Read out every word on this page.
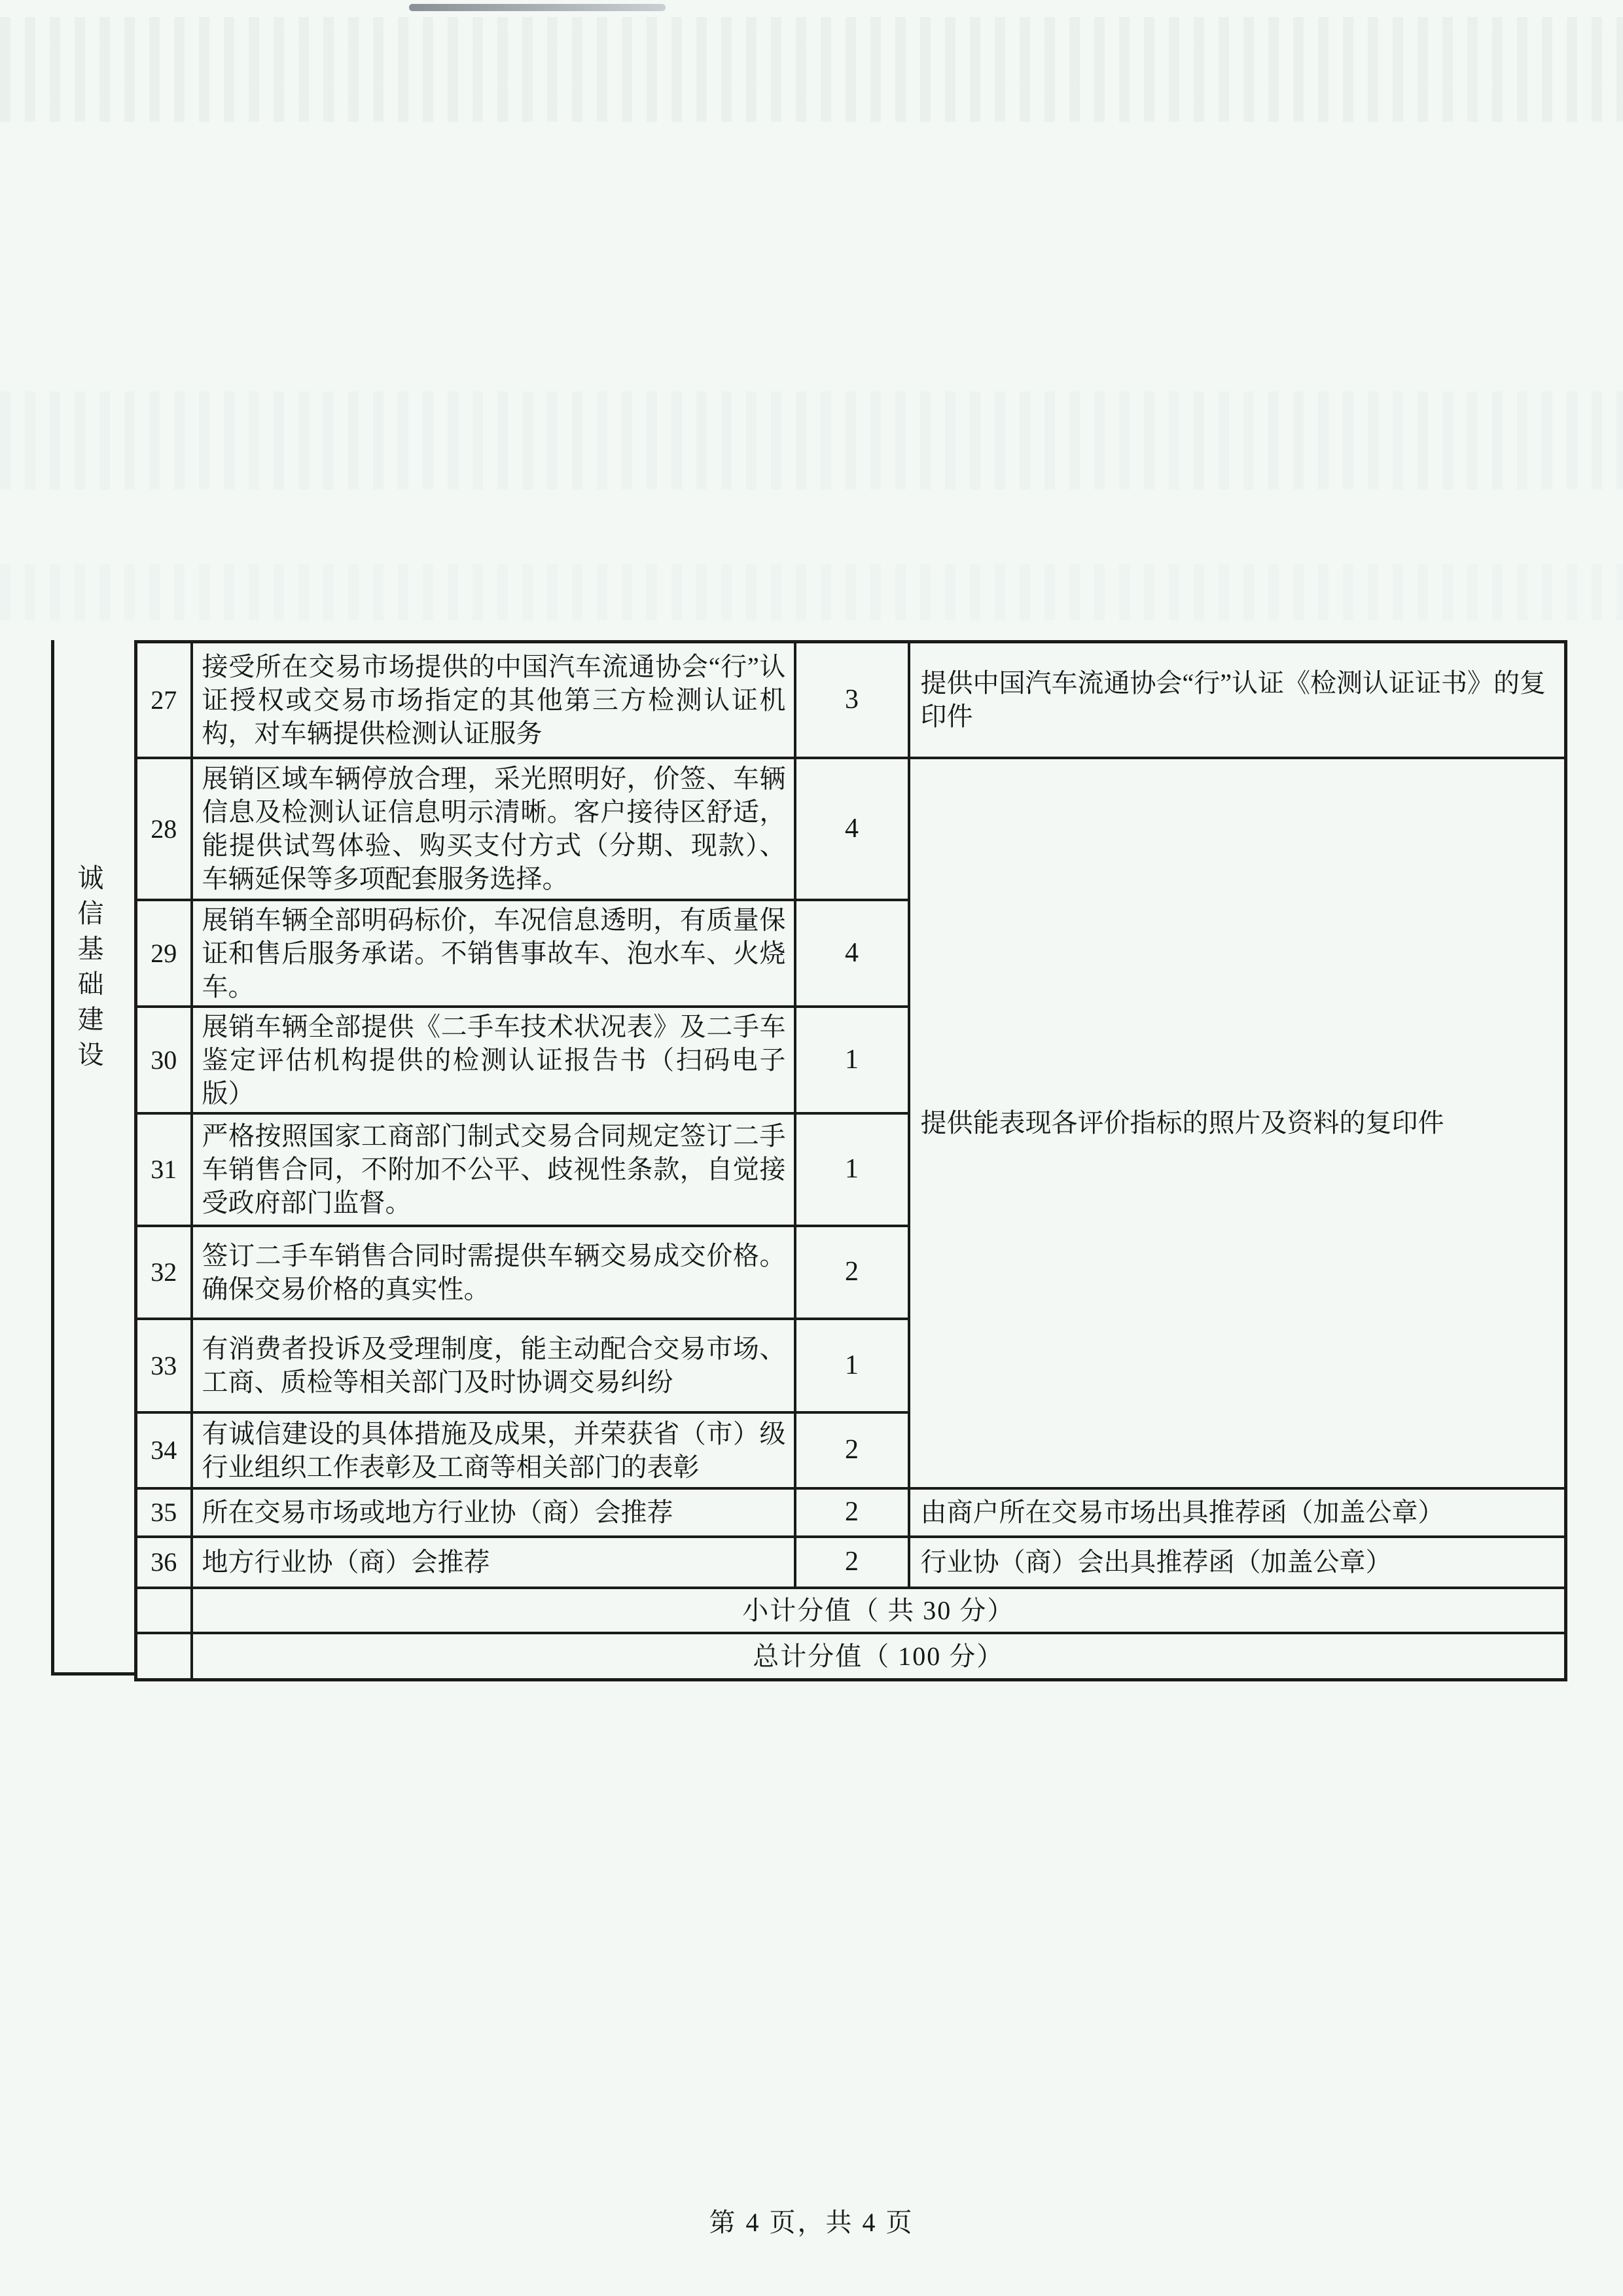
诚信基础建设
27	接受所在交易市场提供的中国汽车流通协会“行”认证授权或交易市场指定的其他第三方检测认证机构，对车辆提供检测认证服务	3	提供中国汽车流通协会“行”认证《检测认证证书》的复印件
28	展销区域车辆停放合理，采光照明好，价签、车辆信息及检测认证信息明示清晰。客户接待区舒适，能提供试驾体验、购买支付方式（分期、现款）、车辆延保等多项配套服务选择。	4	提供能表现各评价指标的照片及资料的复印件
29	展销车辆全部明码标价，车况信息透明，有质量保证和售后服务承诺。不销售事故车、泡水车、火烧车。	4	
30	展销车辆全部提供《二手车技术状况表》及二手车鉴定评估机构提供的检测认证报告书（扫码电子版）	1	
31	严格按照国家工商部门制式交易合同规定签订二手车销售合同，不附加不公平、歧视性条款，自觉接受政府部门监督。	1	
32	签订二手车销售合同时需提供车辆交易成交价格。确保交易价格的真实性。	2	
33	有消费者投诉及受理制度，能主动配合交易市场、工商、质检等相关部门及时协调交易纠纷	1	
34	有诚信建设的具体措施及成果，并荣获省（市）级行业组织工作表彰及工商等相关部门的表彰	2	
35	所在交易市场或地方行业协（商）会推荐	2	由商户所在交易市场出具推荐函（加盖公章）
36	地方行业协（商）会推荐	2	行业协（商）会出具推荐函（加盖公章）
	小计分值（ 共 30 分）		
	总计分值（ 100 分）		
第 4 页，共 4 页
